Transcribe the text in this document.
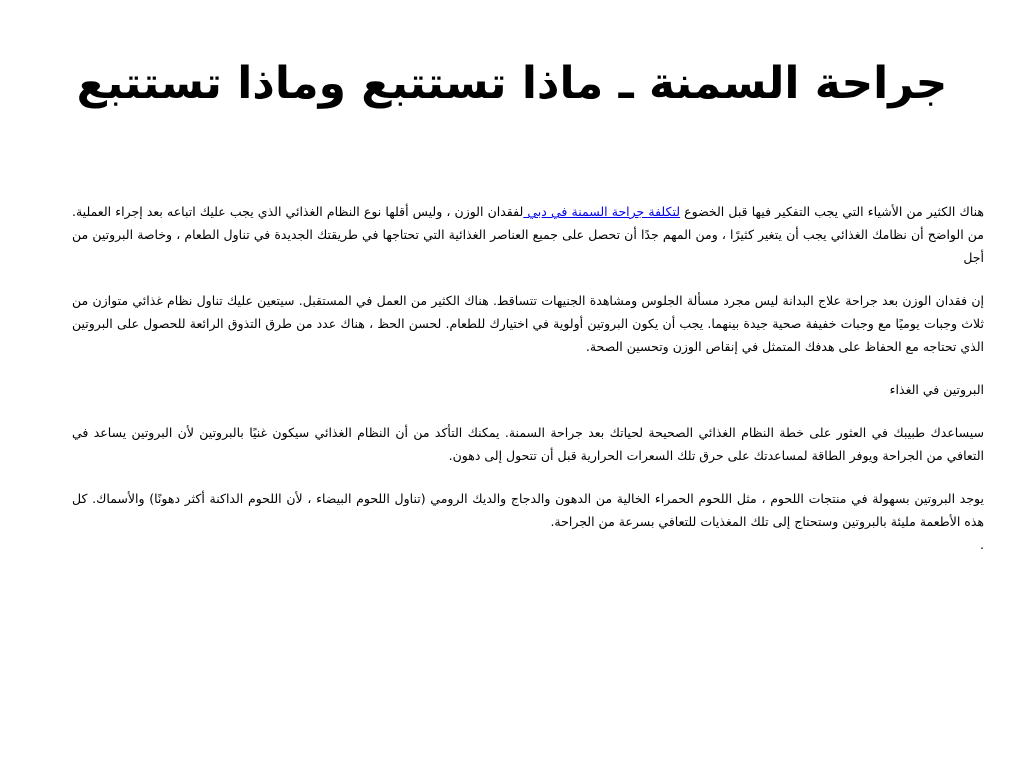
جراحة السمنة ـ ماذا تستتبع وماذا تستتبع

هناك الكثير من الأشياء التي يجب التفكير فيها قبل الخضوع لتكلفة جراحة السمنة في دبي لفقدان الوزن ، وليس أقلها نوع النظام الغذائي الذي يجب عليك اتباعه بعد إجراء العملية. من الواضح أن نظامك الغذائي يجب أن يتغير كثيرًا ، ومن المهم جدًا أن تحصل على جميع العناصر الغذائية التي تحتاجها في طريقتك الجديدة في تناول الطعام ، وخاصة البروتين من أجل

إن فقدان الوزن بعد جراحة علاج البدانة ليس مجرد مسألة الجلوس ومشاهدة الجنيهات تتساقط. هناك الكثير من العمل في المستقبل. سيتعين عليك تناول نظام غذائي متوازن من ثلاث وجبات يوميًا مع وجبات خفيفة صحية جيدة بينهما. يجب أن يكون البروتين أولوية في اختيارك للطعام. لحسن الحظ ، هناك عدد من طرق التذوق الرائعة للحصول على البروتين الذي تحتاجه مع الحفاظ على هدفك المتمثل في إنقاص الوزن وتحسين الصحة.

البروتين في الغذاء

سيساعدك طبيبك في العثور على خطة النظام الغذائي الصحيحة لحياتك بعد جراحة السمنة. يمكنك التأكد من أن النظام الغذائي سيكون غنيًا بالبروتين لأن البروتين يساعد في التعافي من الجراحة ويوفر الطاقة لمساعدتك على حرق تلك السعرات الحرارية قبل أن تتحول إلى دهون.

يوجد البروتين بسهولة في منتجات اللحوم ، مثل اللحوم الحمراء الخالية من الدهون والدجاج والديك الرومي (تناول اللحوم البيضاء ، لأن اللحوم الداكنة أكثر دهونًا) والأسماك. كل هذه الأطعمة مليئة بالبروتين وستحتاج إلى تلك المغذيات للتعافي بسرعة من الجراحة.

.
